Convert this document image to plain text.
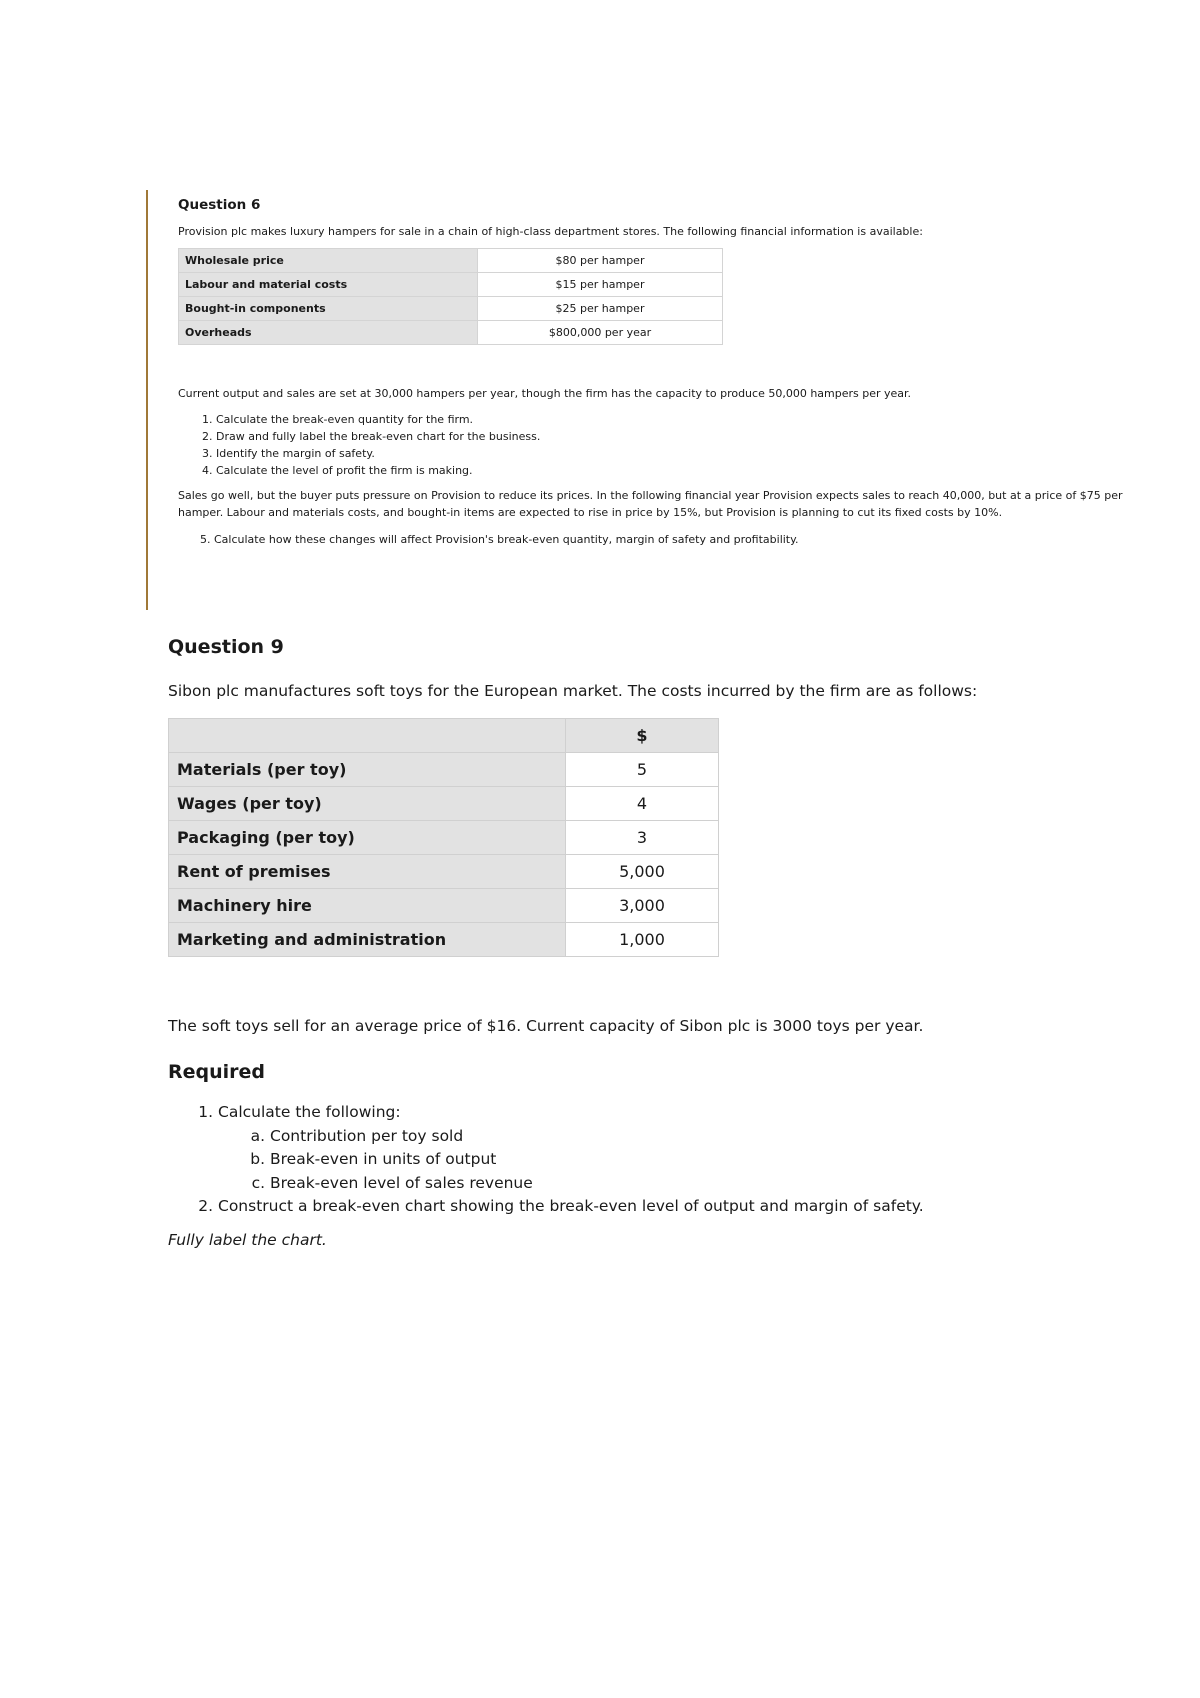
Question 6

Provision plc makes luxury hampers for sale in a chain of high-class department stores. The following financial information is available:

Wholesale price	$80 per hamper
Labour and material costs	$15 per hamper
Bought-in components	$25 per hamper
Overheads	$800,000 per year

Current output and sales are set at 30,000 hampers per year, though the firm has the capacity to produce 50,000 hampers per year.

1. Calculate the break-even quantity for the firm.
2. Draw and fully label the break-even chart for the business.
3. Identify the margin of safety.
4. Calculate the level of profit the firm is making.

Sales go well, but the buyer puts pressure on Provision to reduce its prices. In the following financial year Provision expects sales to reach 40,000, but at a price of $75 per hamper. Labour and materials costs, and bought-in items are expected to rise in price by 15%, but Provision is planning to cut its fixed costs by 10%.

5. Calculate how these changes will affect Provision's break-even quantity, margin of safety and profitability.

Question 9

Sibon plc manufactures soft toys for the European market. The costs incurred by the firm are as follows:

	$
Materials (per toy)	5
Wages (per toy)	4
Packaging (per toy)	3
Rent of premises	5,000
Machinery hire	3,000
Marketing and administration	1,000

The soft toys sell for an average price of $16. Current capacity of Sibon plc is 3000 toys per year.

Required
1. Calculate the following:
a. Contribution per toy sold
b. Break-even in units of output
c. Break-even level of sales revenue
2. Construct a break-even chart showing the break-even level of output and margin of safety.

Fully label the chart.
